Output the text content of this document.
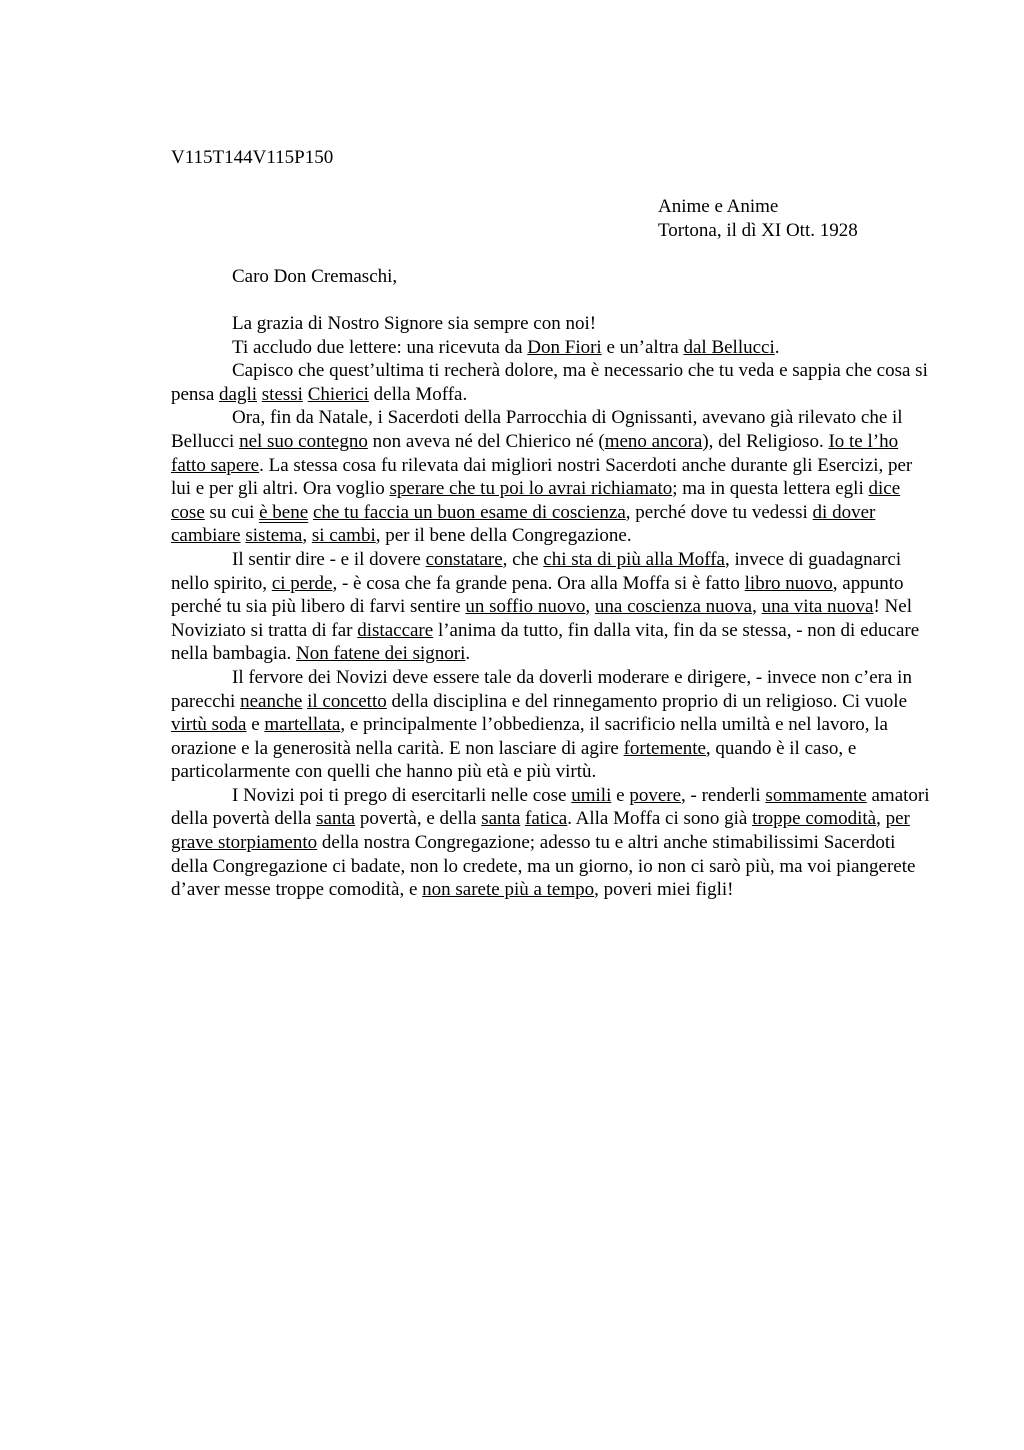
V115T144V115P150

Anime e Anime
Tortona, il dì XI Ott. 1928

Caro Don Cremaschi,

La grazia di Nostro Signore sia sempre con noi!

Ti accludo due lettere: una ricevuta da Don Fiori e un’altra dal Bellucci.

Capisco che quest’ultima ti recherà dolore, ma è necessario che tu veda e sappia che cosa si pensa dagli stessi Chierici della Moffa.

Ora, fin da Natale, i Sacerdoti della Parrocchia di Ognissanti, avevano già rilevato che il Bellucci nel suo contegno non aveva né del Chierico né (meno ancora), del Religioso. Io te l’ho fatto sapere. La stessa cosa fu rilevata dai migliori nostri Sacerdoti anche durante gli Esercizi, per lui e per gli altri. Ora voglio sperare che tu poi lo avrai richiamato; ma in questa lettera egli dice cose su cui è bene che tu faccia un buon esame di coscienza, perché dove tu vedessi di dover cambiare sistema, si cambi, per il bene della Congregazione.

Il sentir dire - e il dovere constatare, che chi sta di più alla Moffa, invece di guadagnarci nello spirito, ci perde, - è cosa che fa grande pena. Ora alla Moffa si è fatto libro nuovo, appunto perché tu sia più libero di farvi sentire un soffio nuovo, una coscienza nuova, una vita nuova! Nel Noviziato si tratta di far distaccare l’anima da tutto, fin dalla vita, fin da se stessa, - non di educare nella bambagia. Non fatene dei signori.

Il fervore dei Novizi deve essere tale da doverli moderare e dirigere, - invece non c’era in parecchi neanche il concetto della disciplina e del rinnegamento proprio di un religioso. Ci vuole virtù soda e martellata, e principalmente l’obbedienza, il sacrificio nella umiltà e nel lavoro, la orazione e la generosità nella carità. E non lasciare di agire fortemente, quando è il caso, e particolarmente con quelli che hanno più età e più virtù.

I Novizi poi ti prego di esercitarli nelle cose umili e povere, - renderli sommamente amatori della povertà della santa povertà, e della santa fatica. Alla Moffa ci sono già troppe comodità, per grave storpiamento della nostra Congregazione; adesso tu e altri anche stimabilissimi Sacerdoti della Congregazione ci badate, non lo credete, ma un giorno, io non ci sarò più, ma voi piangerete d’aver messe troppe comodità, e non sarete più a tempo, poveri miei figli!
